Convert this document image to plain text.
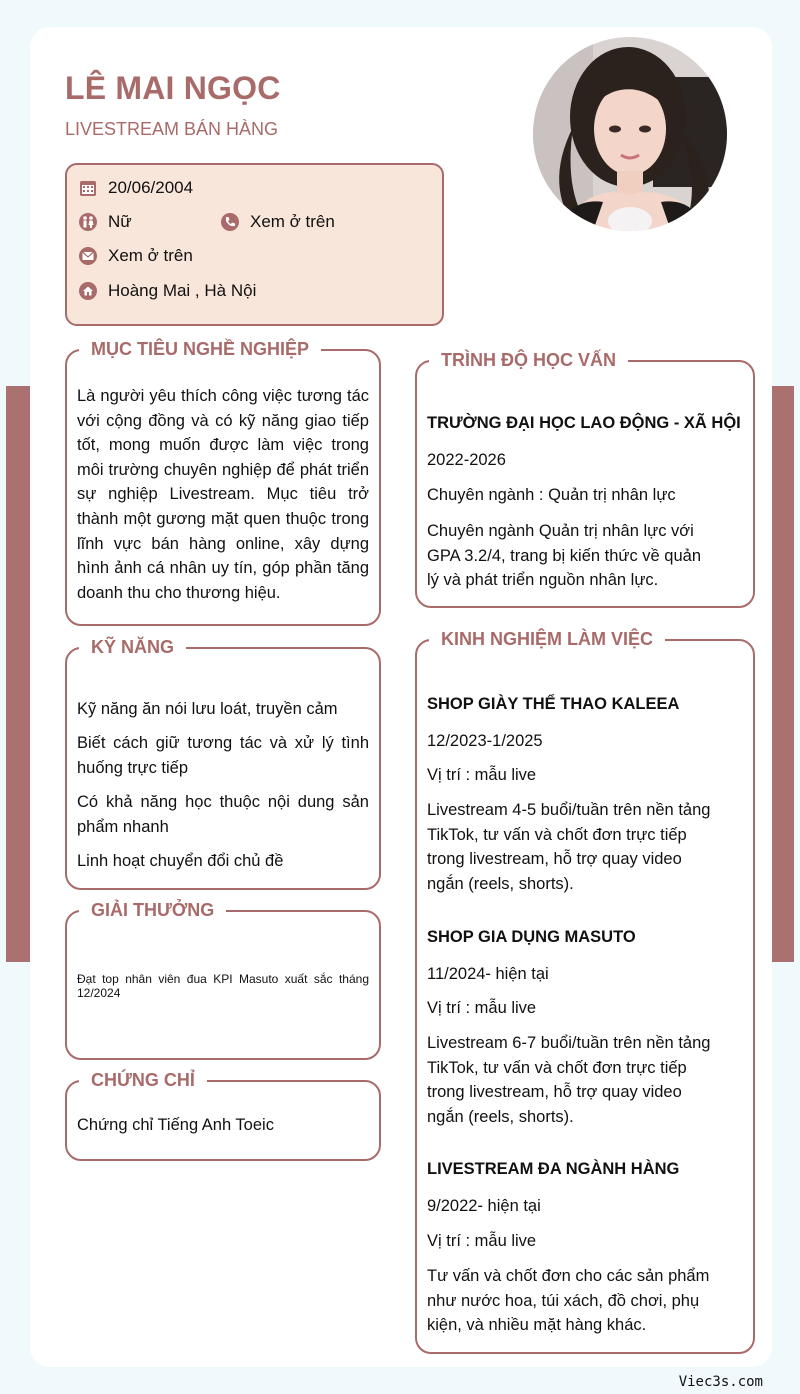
LÊ MAI NGỌC
LIVESTREAM BÁN HÀNG
20/06/2004
Nữ	Xem ở trên
Xem ở trên
Hoàng Mai , Hà Nội
MỤC TIÊU NGHỀ NGHIỆP
Là người yêu thích công việc tương tác với cộng đồng và có kỹ năng giao tiếp tốt, mong muốn được làm việc trong môi trường chuyên nghiệp để phát triển sự nghiệp Livestream. Mục tiêu trở thành một gương mặt quen thuộc trong lĩnh vực bán hàng online, xây dựng hình ảnh cá nhân uy tín, góp phần tăng doanh thu cho thương hiệu.
KỸ NĂNG
Kỹ năng ăn nói lưu loát, truyền cảm
Biết cách giữ tương tác và xử lý tình huống trực tiếp
Có khả năng học thuộc nội dung sản phẩm nhanh
Linh hoạt chuyển đổi chủ đề
GIẢI THƯỞNG
Đạt top nhân viên đua KPI Masuto xuất sắc tháng 12/2024
CHỨNG CHỈ
Chứng chỉ Tiếng Anh Toeic
TRÌNH ĐỘ HỌC VẤN
TRƯỜNG ĐẠI HỌC LAO ĐỘNG - XÃ HỘI
2022-2026
Chuyên ngành : Quản trị nhân lực
Chuyên ngành Quản trị nhân lực với GPA 3.2/4, trang bị kiến thức về quản lý và phát triển nguồn nhân lực.
KINH NGHIỆM LÀM VIỆC
SHOP GIÀY THỂ THAO KALEEA
12/2023-1/2025
Vị trí : mẫu live
Livestream 4-5 buổi/tuần trên nền tảng TikTok, tư vấn và chốt đơn trực tiếp trong livestream, hỗ trợ quay video ngắn (reels, shorts).
SHOP GIA DỤNG MASUTO
11/2024- hiện tại
Vị trí : mẫu live
Livestream 6-7 buổi/tuần trên nền tảng TikTok, tư vấn và chốt đơn trực tiếp trong livestream, hỗ trợ quay video ngắn (reels, shorts).
LIVESTREAM ĐA NGÀNH HÀNG
9/2022- hiện tại
Vị trí : mẫu live
Tư vấn và chốt đơn cho các sản phẩm như nước hoa, túi xách, đồ chơi, phụ kiện, và nhiều mặt hàng khác.
Viec3s.com
